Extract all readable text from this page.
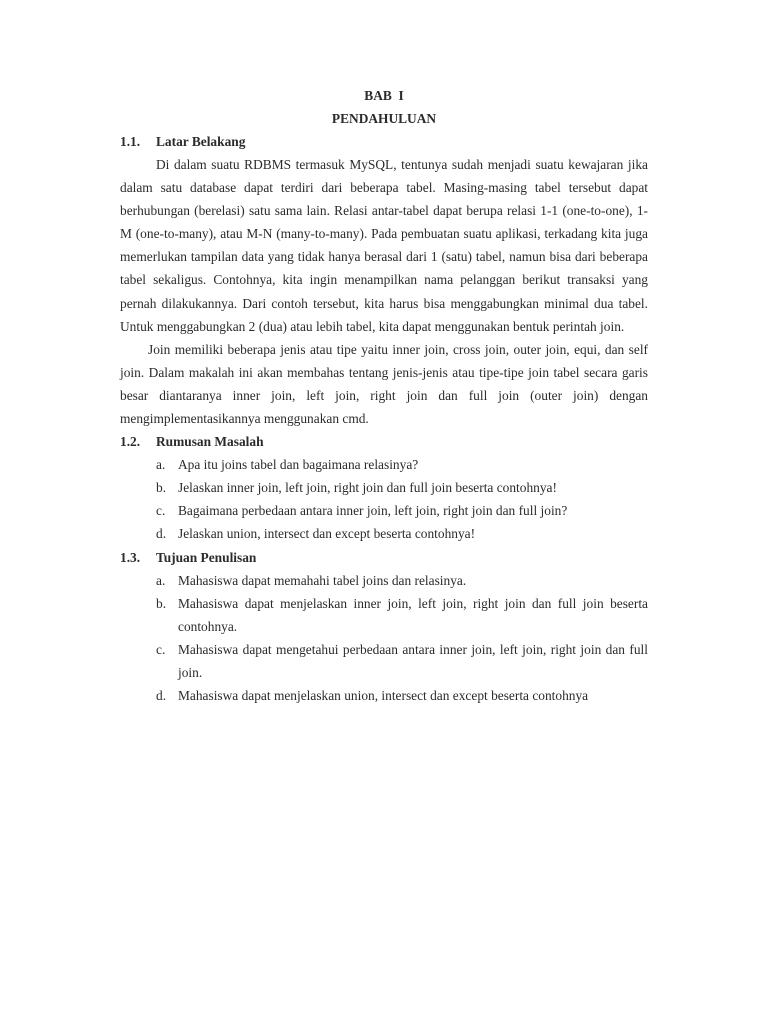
BAB  I

PENDAHULUAN

1.1.	Latar Belakang

Di dalam suatu RDBMS termasuk MySQL, tentunya sudah menjadi suatu kewajaran jika dalam satu database dapat terdiri dari beberapa tabel. Masing-masing tabel tersebut dapat berhubungan (berelasi) satu sama lain. Relasi antar-tabel dapat berupa relasi 1-1 (one-to-one), 1-M (one-to-many), atau M-N (many-to-many). Pada pembuatan suatu aplikasi, terkadang kita juga memerlukan tampilan data yang tidak hanya berasal dari 1 (satu) tabel, namun bisa dari beberapa tabel sekaligus. Contohnya, kita ingin menampilkan nama pelanggan berikut transaksi yang pernah dilakukannya. Dari contoh tersebut, kita harus bisa menggabungkan minimal dua tabel. Untuk menggabungkan 2 (dua) atau lebih tabel, kita dapat menggunakan bentuk perintah join.

Join memiliki beberapa jenis atau tipe yaitu inner join, cross join, outer join, equi, dan self join. Dalam makalah ini akan membahas tentang jenis-jenis atau tipe-tipe join tabel secara garis besar diantaranya inner join, left join, right join dan full join (outer join) dengan mengimplementasikannya menggunakan cmd.

1.2.	Rumusan Masalah
a. Apa itu joins tabel dan bagaimana relasinya?
b. Jelaskan inner join, left join, right join dan full join beserta contohnya!
c. Bagaimana perbedaan antara inner join, left join, right join dan full join?
d. Jelaskan union, intersect dan except beserta contohnya!
1.3.	Tujuan Penulisan
a. Mahasiswa dapat memahahi tabel joins dan relasinya.
b. Mahasiswa dapat menjelaskan inner join, left join, right join dan full join beserta contohnya.
c. Mahasiswa dapat mengetahui perbedaan antara inner join, left join, right join dan full join.
d. Mahasiswa dapat menjelaskan union, intersect dan except beserta contohnya
